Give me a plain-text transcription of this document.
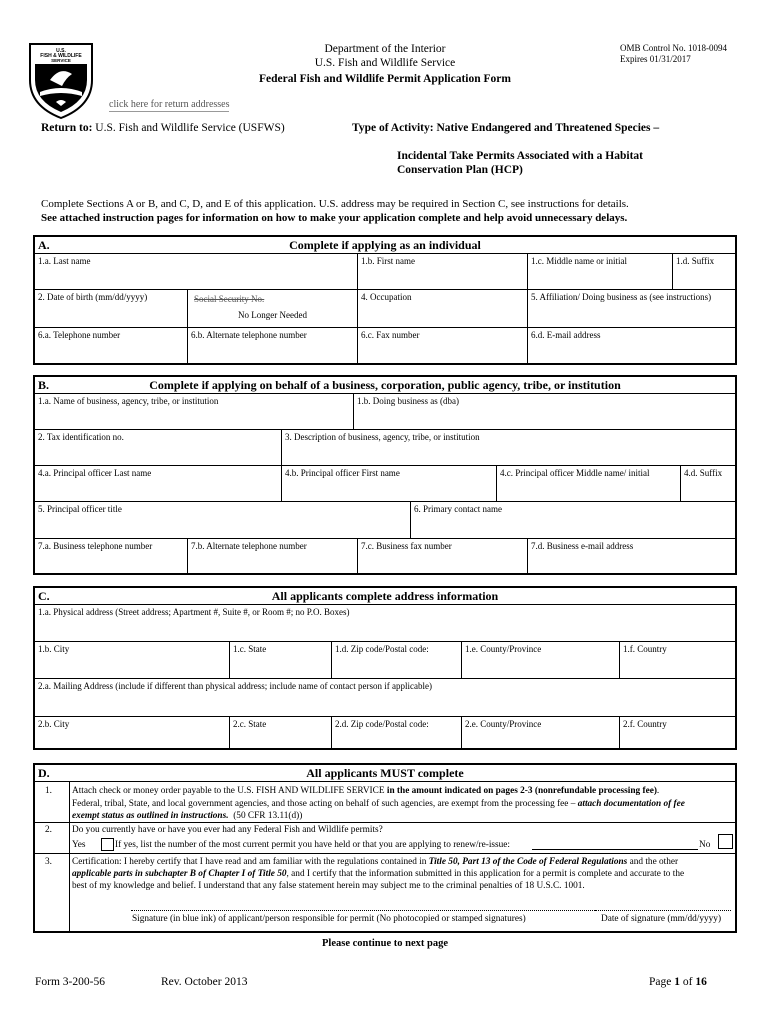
U.S.
FISH & WILDLIFE
SERVICE
Department of the Interior
U.S. Fish and Wildlife Service
Federal Fish and Wildlife Permit Application Form
OMB Control No. 1018-0094
Expires 01/31/2017
click here for return addresses
Return to: U.S. Fish and Wildlife Service (USFWS)	Type of Activity: Native Endangered and Threatened Species –
Incidental Take Permits Associated with a Habitat
Conservation Plan (HCP)
Complete Sections A or B, and C, D, and E of this application. U.S. address may be required in Section C, see instructions for details.
See attached instruction pages for information on how to make your application complete and help avoid unnecessary delays.
A.	Complete if applying as an individual
1.a. Last name	1.b. First name	1.c. Middle name or initial	1.d. Suffix
2. Date of birth (mm/dd/yyyy)	Social Security No.
No Longer Needed
4. Occupation	5. Affiliation/ Doing business as (see instructions)
6.a. Telephone number	6.b. Alternate telephone number	6.c. Fax number	6.d. E-mail address
B.	Complete if applying on behalf of a business, corporation, public agency, tribe, or institution
1.a. Name of business, agency, tribe, or institution	1.b. Doing business as (dba)
2. Tax identification no.	3. Description of business, agency, tribe, or institution
4.a. Principal officer Last name	4.b. Principal officer First name	4.c. Principal officer Middle name/ initial	4.d. Suffix
5. Principal officer title	6. Primary contact name
7.a. Business telephone number	7.b. Alternate telephone number	7.c. Business fax number	7.d. Business e-mail address
C.	All applicants complete address information
1.a. Physical address (Street address; Apartment #, Suite #, or Room #; no P.O. Boxes)
1.b. City	1.c. State	1.d. Zip code/Postal code:	1.e. County/Province	1.f. Country
2.a. Mailing Address (include if different than physical address; include name of contact person if applicable)
2.b. City	2.c. State	2.d. Zip code/Postal code:	2.e. County/Province	2.f. Country
D.	All applicants MUST complete
1. Attach check or money order payable to the U.S. FISH AND WILDLIFE SERVICE in the amount indicated on pages 2-3 (nonrefundable processing fee).
Federal, tribal, State, and local government agencies, and those acting on behalf of such agencies, are exempt from the processing fee – attach documentation of fee
exempt status as outlined in instructions. (50 CFR 13.11(d))
2. Do you currently have or have you ever had any Federal Fish and Wildlife permits?
Yes	If yes, list the number of the most current permit you have held or that you are applying to renew/re-issue:	No
3. Certification: I hereby certify that I have read and am familiar with the regulations contained in Title 50, Part 13 of the Code of Federal Regulations and the other
applicable parts in subchapter B of Chapter I of Title 50, and I certify that the information submitted in this application for a permit is complete and accurate to the
best of my knowledge and belief. I understand that any false statement herein may subject me to the criminal penalties of 18 U.S.C. 1001.
Signature (in blue ink) of applicant/person responsible for permit (No photocopied or stamped signatures)	Date of signature (mm/dd/yyyy)
Please continue to next page
Form 3-200-56	Rev. October 2013	Page 1 of 16
